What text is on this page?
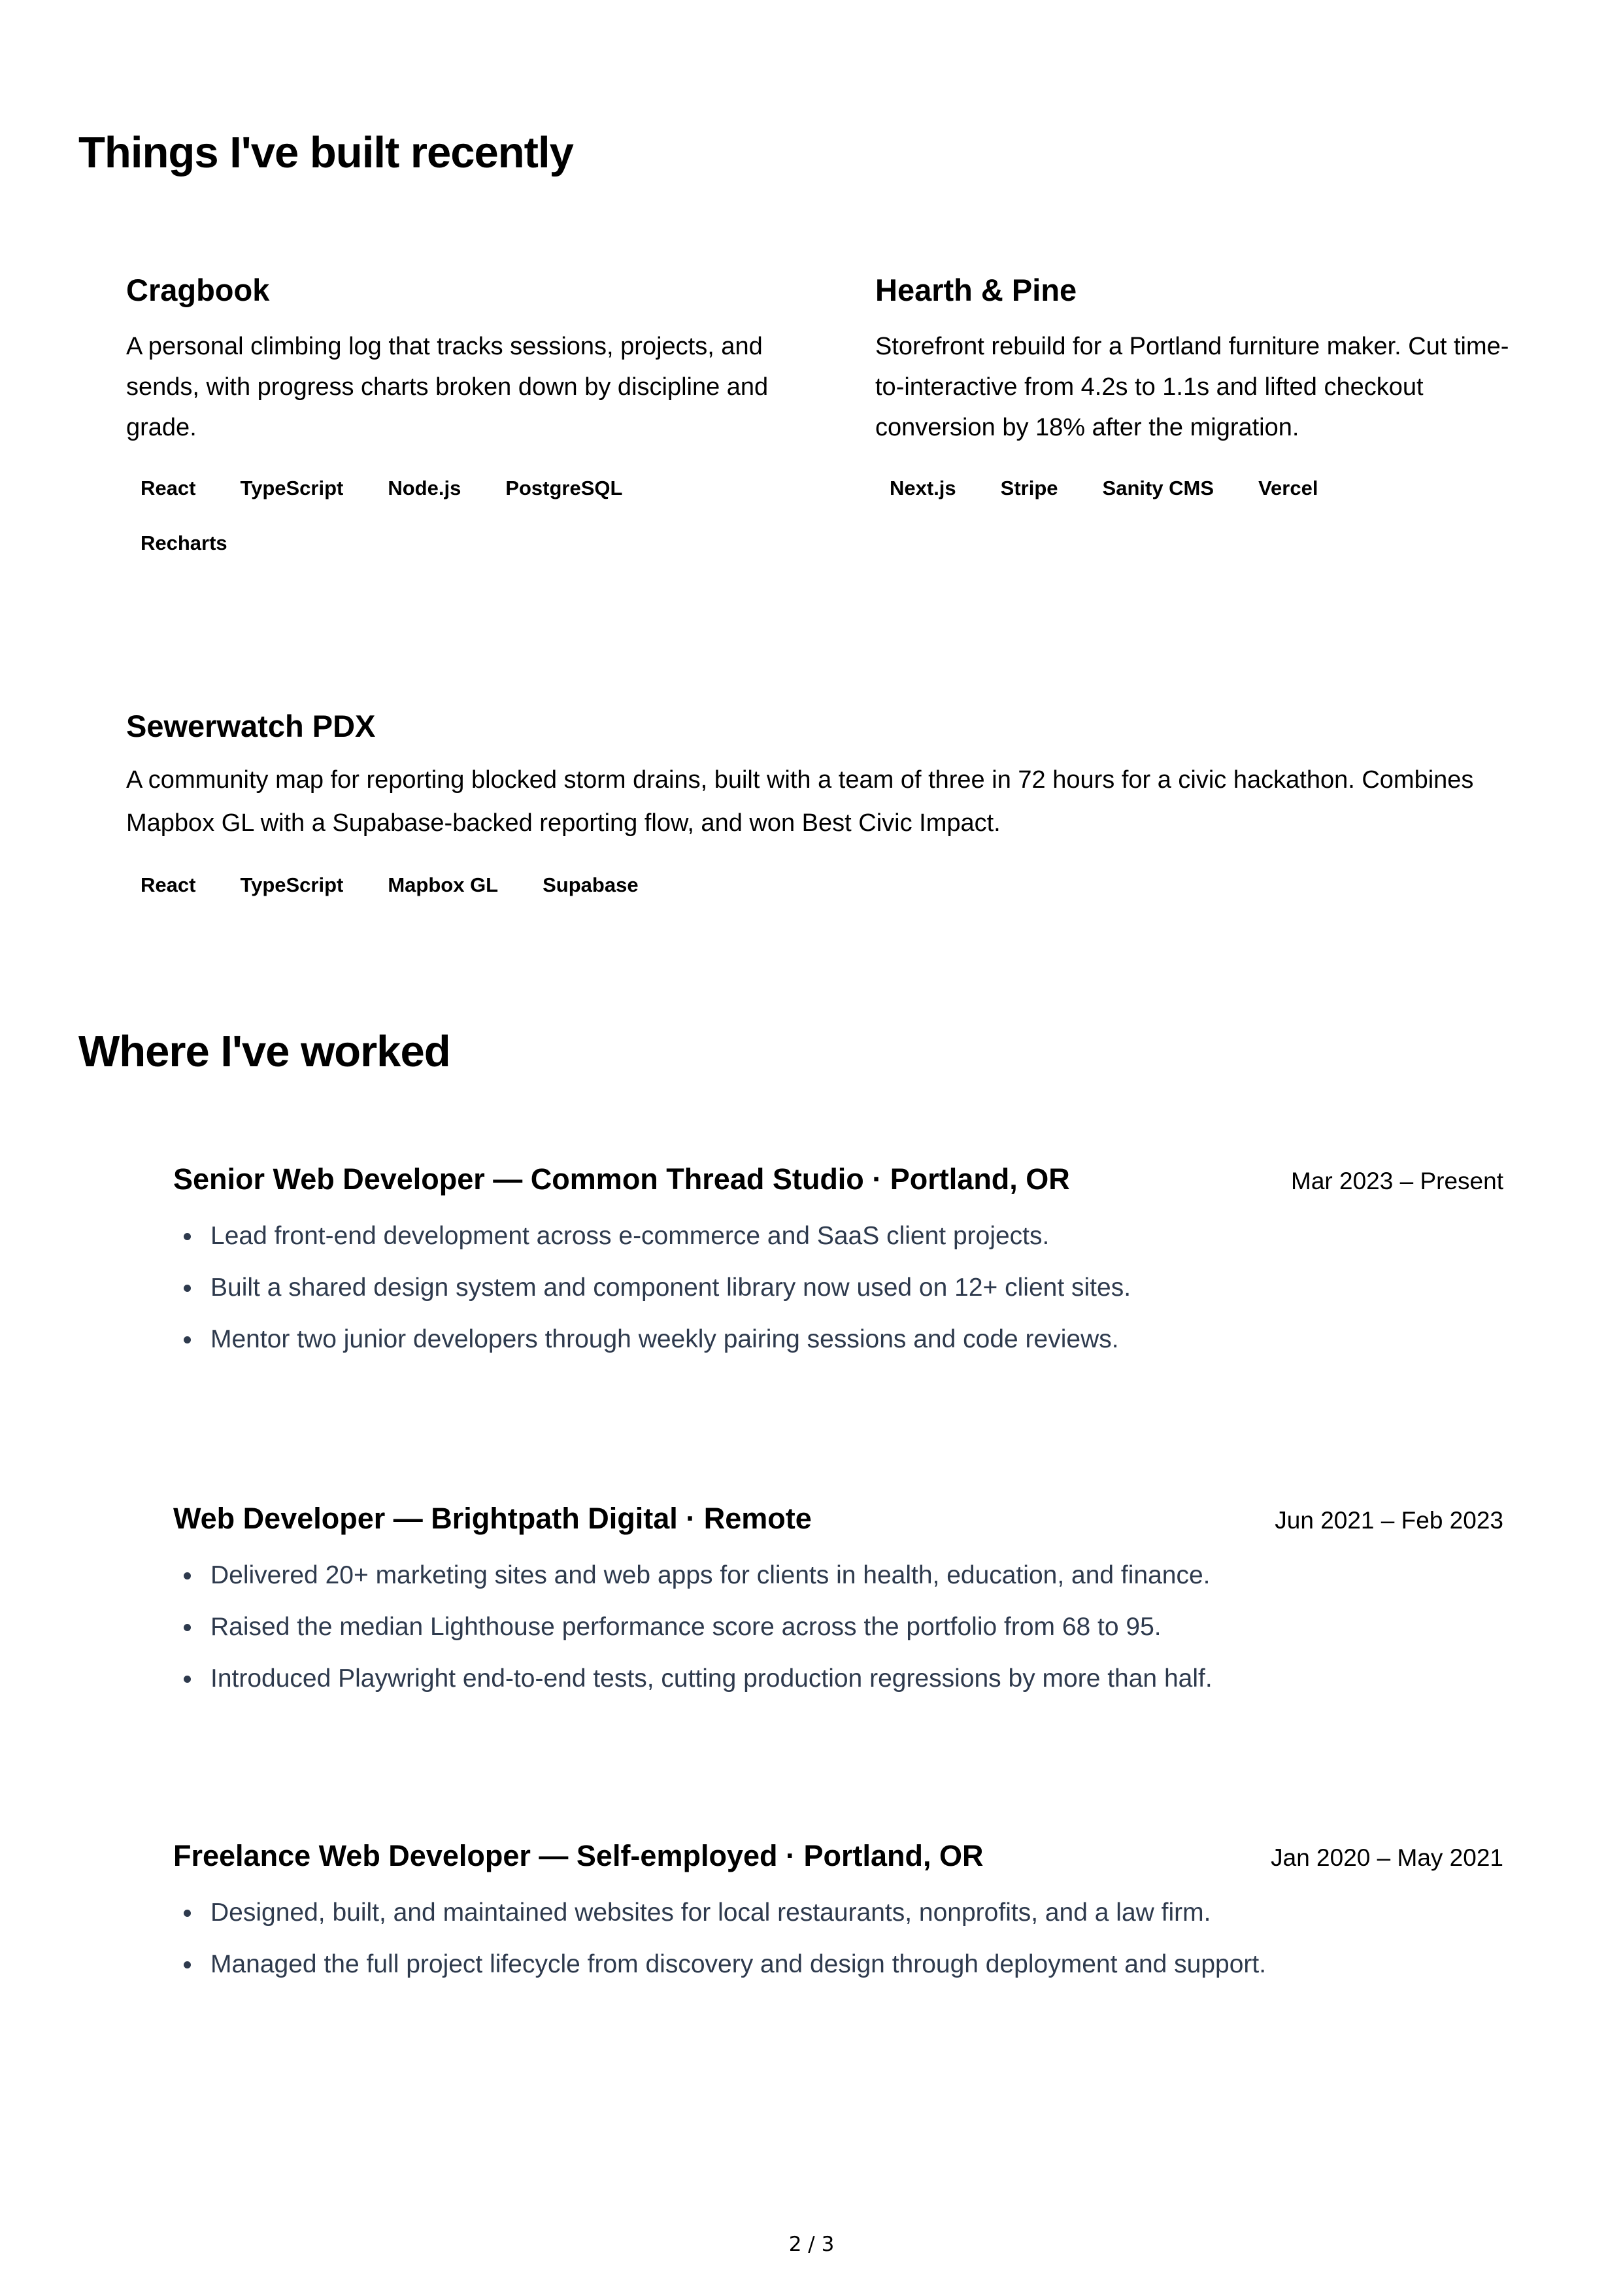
Things I've built recently
Cragbook

A personal climbing log that tracks sessions, projects, and sends, with progress charts broken down by discipline and grade.

React	TypeScript	Node.js	PostgreSQL
Recharts
Hearth & Pine

Storefront rebuild for a Portland furniture maker. Cut time-to-interactive from 4.2s to 1.1s and lifted checkout conversion by 18% after the migration.

Next.js	Stripe	Sanity CMS	Vercel
Sewerwatch PDX

A community map for reporting blocked storm drains, built with a team of three in 72 hours for a civic hackathon. Combines Mapbox GL with a Supabase-backed reporting flow, and won Best Civic Impact.

React	TypeScript	Mapbox GL	Supabase
Where I've worked
Senior Web Developer — Common Thread Studio · Portland, OR	Mar 2023 – Present
Lead front-end development across e-commerce and SaaS client projects.
Built a shared design system and component library now used on 12+ client sites.
Mentor two junior developers through weekly pairing sessions and code reviews.
Web Developer — Brightpath Digital · Remote	Jun 2021 – Feb 2023
Delivered 20+ marketing sites and web apps for clients in health, education, and finance.
Raised the median Lighthouse performance score across the portfolio from 68 to 95.
Introduced Playwright end-to-end tests, cutting production regressions by more than half.
Freelance Web Developer — Self-employed · Portland, OR	Jan 2020 – May 2021
Designed, built, and maintained websites for local restaurants, nonprofits, and a law firm.
Managed the full project lifecycle from discovery and design through deployment and support.
2 / 3
